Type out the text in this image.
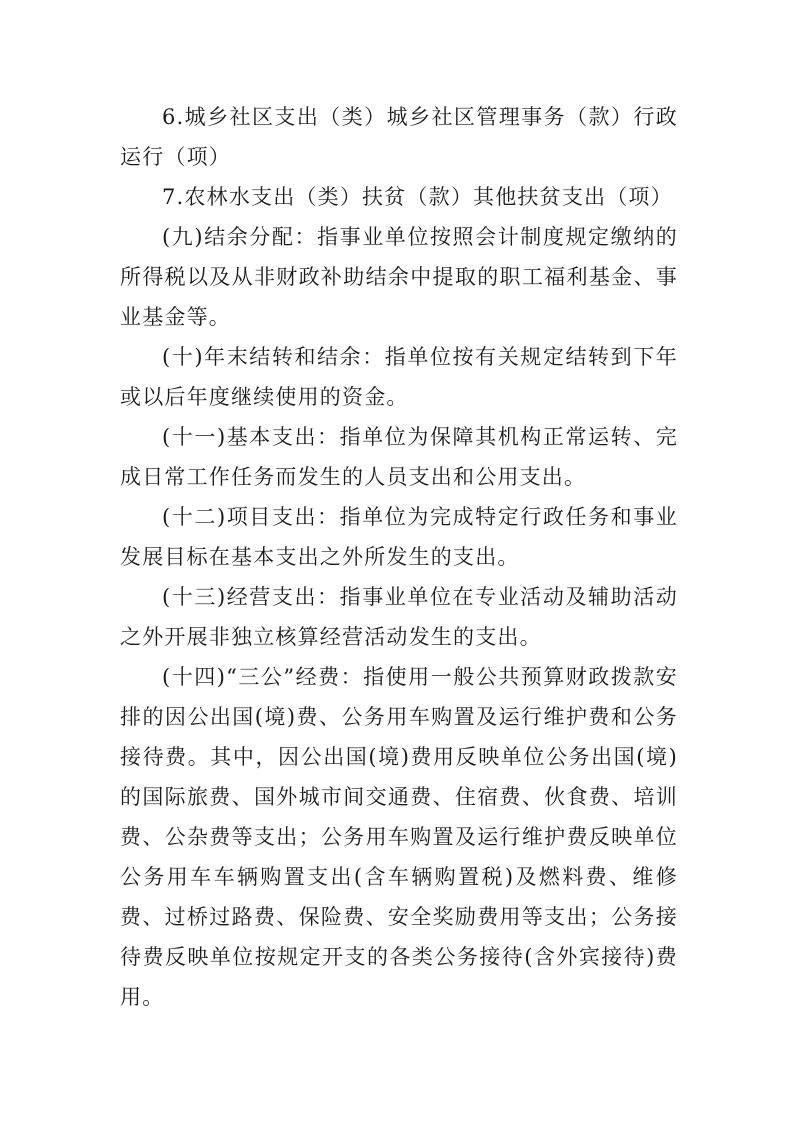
6.城乡社区支出（类）城乡社区管理事务（款）行政运行（项）

7.农林水支出（类）扶贫（款）其他扶贫支出（项）

(九)结余分配：指事业单位按照会计制度规定缴纳的所得税以及从非财政补助结余中提取的职工福利基金、事业基金等。

(十)年末结转和结余：指单位按有关规定结转到下年或以后年度继续使用的资金。

(十一)基本支出：指单位为保障其机构正常运转、完成日常工作任务而发生的人员支出和公用支出。

(十二)项目支出：指单位为完成特定行政任务和事业发展目标在基本支出之外所发生的支出。

(十三)经营支出：指事业单位在专业活动及辅助活动之外开展非独立核算经营活动发生的支出。

(十四)“三公”经费：指使用一般公共预算财政拨款安排的因公出国(境)费、公务用车购置及运行维护费和公务接待费。其中，因公出国(境)费用反映单位公务出国(境)的国际旅费、国外城市间交通费、住宿费、伙食费、培训费、公杂费等支出；公务用车购置及运行维护费反映单位公务用车车辆购置支出(含车辆购置税)及燃料费、维修费、过桥过路费、保险费、安全奖励费用等支出；公务接待费反映单位按规定开支的各类公务接待(含外宾接待)费用。
